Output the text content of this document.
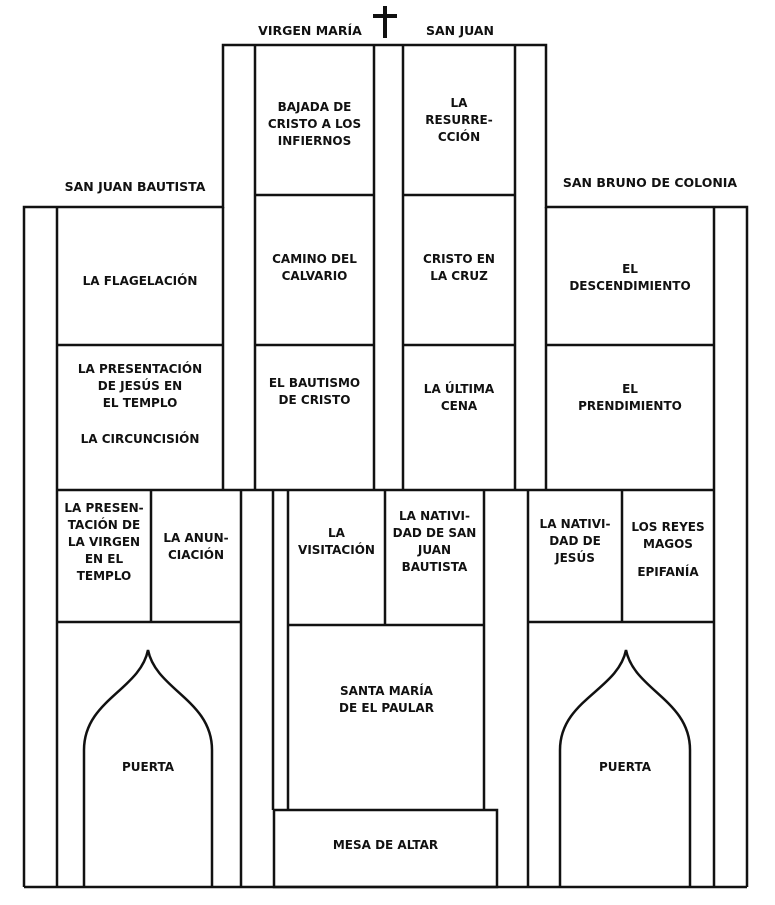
VIRGEN MARÍA	SAN JUAN
SAN JUAN BAUTISTA	SAN BRUNO DE COLONIA
BAJADA DE
CRISTO A LOS
INFIERNOS
LA
RESURRE-
CCIÓN
LA FLAGELACIÓN
CAMINO DEL
CALVARIO
CRISTO EN
LA CRUZ	EL
DESCENDIMIENTO
LA PRESENTACIÓN
DE JESÚS EN
EL TEMPLO
LA CIRCUNCISIÓN
EL BAUTISMO
DE CRISTO
LA ÚLTIMA
CENA
EL
PRENDIMIENTO
LA PRESEN-
TACIÓN DE
LA VIRGEN
EN EL
TEMPLO
LA ANUN-
CIACIÓN
LA
VISITACIÓN
LA NATIVI-
DAD DE SAN
JUAN
BAUTISTA
LA NATIVI-
DAD DE
JESÚS
LOS REYES
MAGOS
EPIFANÍA
SANTA MARÍA
DE EL PAULAR
PUERTA	PUERTA
MESA DE ALTAR
